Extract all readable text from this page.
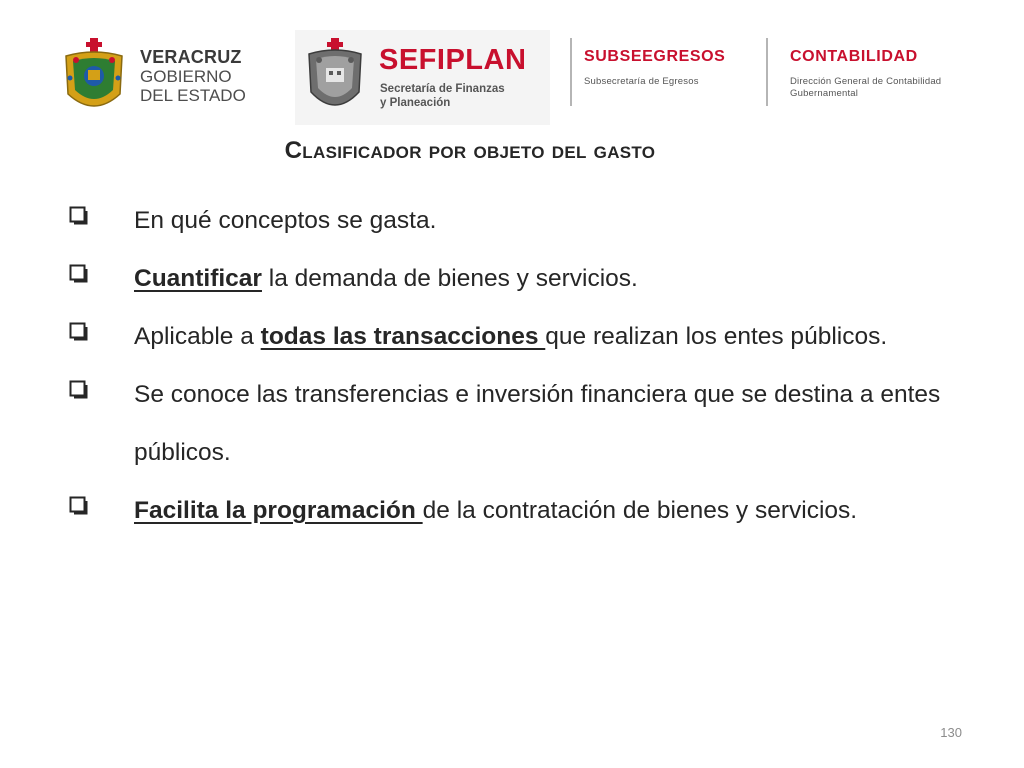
VERACRUZ
GOBIERNO
DEL ESTADO
SEFIPLAN
Secretaría de Finanzas
y Planeación
SUBSEEGRESOS
Subsecretaría de Egresos
CONTABILIDAD
Dirección General de Contabilidad
Gubernamental
Clasificador por objeto del gasto
En qué conceptos se gasta.
Cuantificar la demanda de bienes y servicios.
Aplicable a todas las transacciones que realizan los entes públicos.
Se conoce las transferencias e inversión financiera que se destina a entes públicos.
Facilita la programación de la contratación de bienes y servicios.
130
